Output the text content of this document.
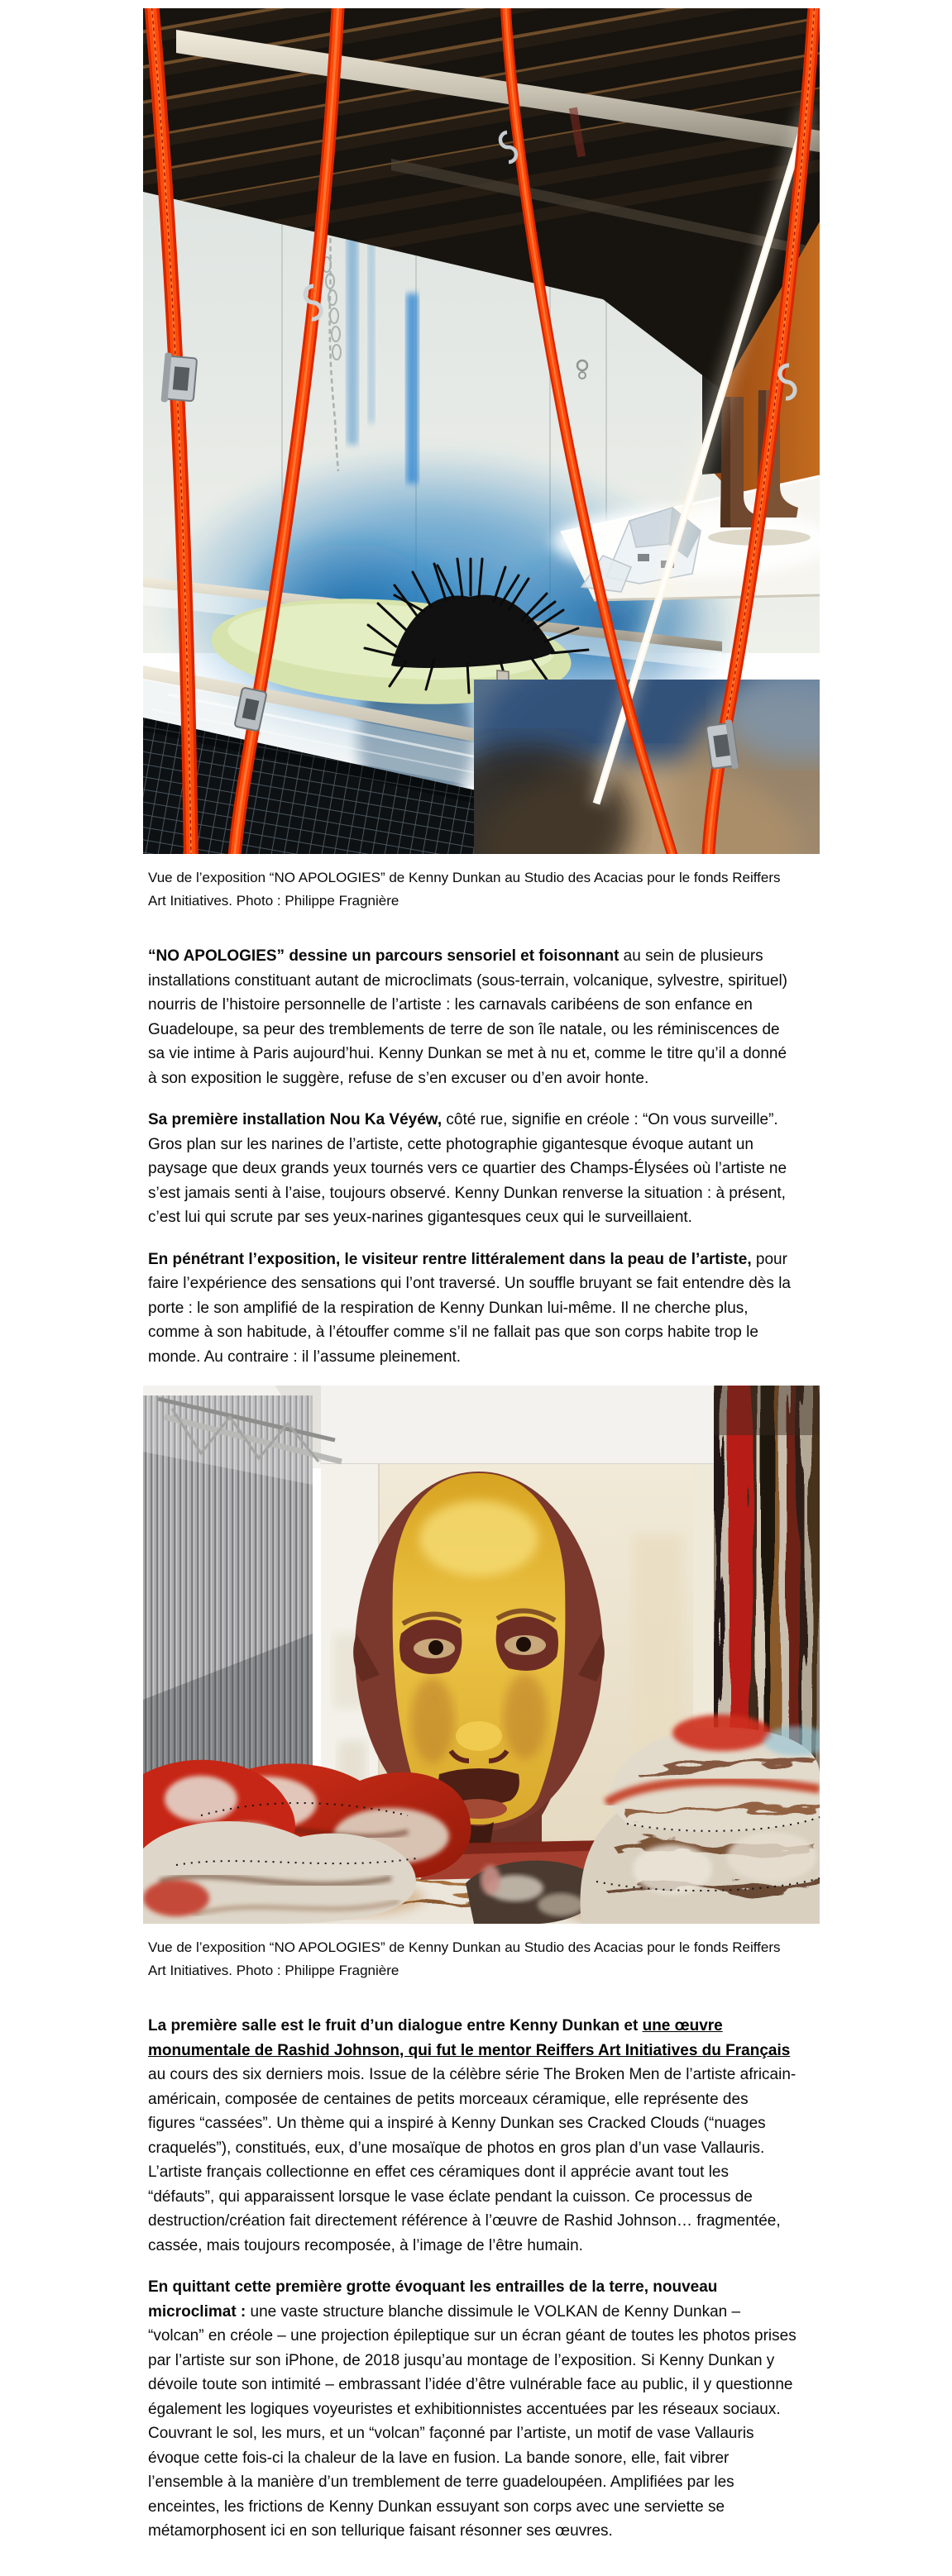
Vue de l’exposition “NO APOLOGIES” de Kenny Dunkan au Studio des Acacias pour le fonds Reiffers Art Initiatives. Photo : Philippe Fragnière

“NO APOLOGIES” dessine un parcours sensoriel et foisonnant au sein de plusieurs installations constituant autant de microclimats (sous-terrain, volcanique, sylvestre, spirituel) nourris de l’histoire personnelle de l’artiste : les carnavals caribéens de son enfance en Guadeloupe, sa peur des tremblements de terre de son île natale, ou les réminiscences de sa vie intime à Paris aujourd’hui. Kenny Dunkan se met à nu et, comme le titre qu’il a donné à son exposition le suggère, refuse de s’en excuser ou d’en avoir honte.

Sa première installation Nou Ka Véyéw, côté rue, signifie en créole : “On vous surveille”. Gros plan sur les narines de l’artiste, cette photographie gigantesque évoque autant un paysage que deux grands yeux tournés vers ce quartier des Champs-Élysées où l’artiste ne s’est jamais senti à l’aise, toujours observé. Kenny Dunkan renverse la situation : à présent, c’est lui qui scrute par ses yeux-narines gigantesques ceux qui le surveillaient.

En pénétrant l’exposition, le visiteur rentre littéralement dans la peau de l’artiste, pour faire l’expérience des sensations qui l’ont traversé. Un souffle bruyant se fait entendre dès la porte : le son amplifié de la respiration de Kenny Dunkan lui-même. Il ne cherche plus, comme à son habitude, à l’étouffer comme s’il ne fallait pas que son corps habite trop le monde. Au contraire : il l’assume pleinement.

Vue de l’exposition “NO APOLOGIES” de Kenny Dunkan au Studio des Acacias pour le fonds Reiffers Art Initiatives. Photo : Philippe Fragnière

La première salle est le fruit d’un dialogue entre Kenny Dunkan et une œuvre monumentale de Rashid Johnson, qui fut le mentor Reiffers Art Initiatives du Français au cours des six derniers mois. Issue de la célèbre série The Broken Men de l’artiste africain-américain, composée de centaines de petits morceaux céramique, elle représente des figures “cassées”. Un thème qui a inspiré à Kenny Dunkan ses Cracked Clouds (“nuages craquelés”), constitués, eux, d’une mosaïque de photos en gros plan d’un vase Vallauris. L’artiste français collectionne en effet ces céramiques dont il apprécie avant tout les “défauts”, qui apparaissent lorsque le vase éclate pendant la cuisson. Ce processus de destruction/création fait directement référence à l’œuvre de Rashid Johnson… fragmentée, cassée, mais toujours recomposée, à l’image de l’être humain.

En quittant cette première grotte évoquant les entrailles de la terre, nouveau microclimat : une vaste structure blanche dissimule le VOLKAN de Kenny Dunkan – “volcan” en créole – une projection épileptique sur un écran géant de toutes les photos prises par l’artiste sur son iPhone, de 2018 jusqu’au montage de l’exposition. Si Kenny Dunkan y dévoile toute son intimité – embrassant l’idée d’être vulnérable face au public, il y questionne également les logiques voyeuristes et exhibitionnistes accentuées par les réseaux sociaux. Couvrant le sol, les murs, et un “volcan” façonné par l’artiste, un motif de vase Vallauris évoque cette fois-ci la chaleur de la lave en fusion. La bande sonore, elle, fait vibrer l’ensemble à la manière d’un tremblement de terre guadeloupéen. Amplifiées par les enceintes, les frictions de Kenny Dunkan essuyant son corps avec une serviette se métamorphosent ici en son tellurique faisant résonner ses œuvres.
